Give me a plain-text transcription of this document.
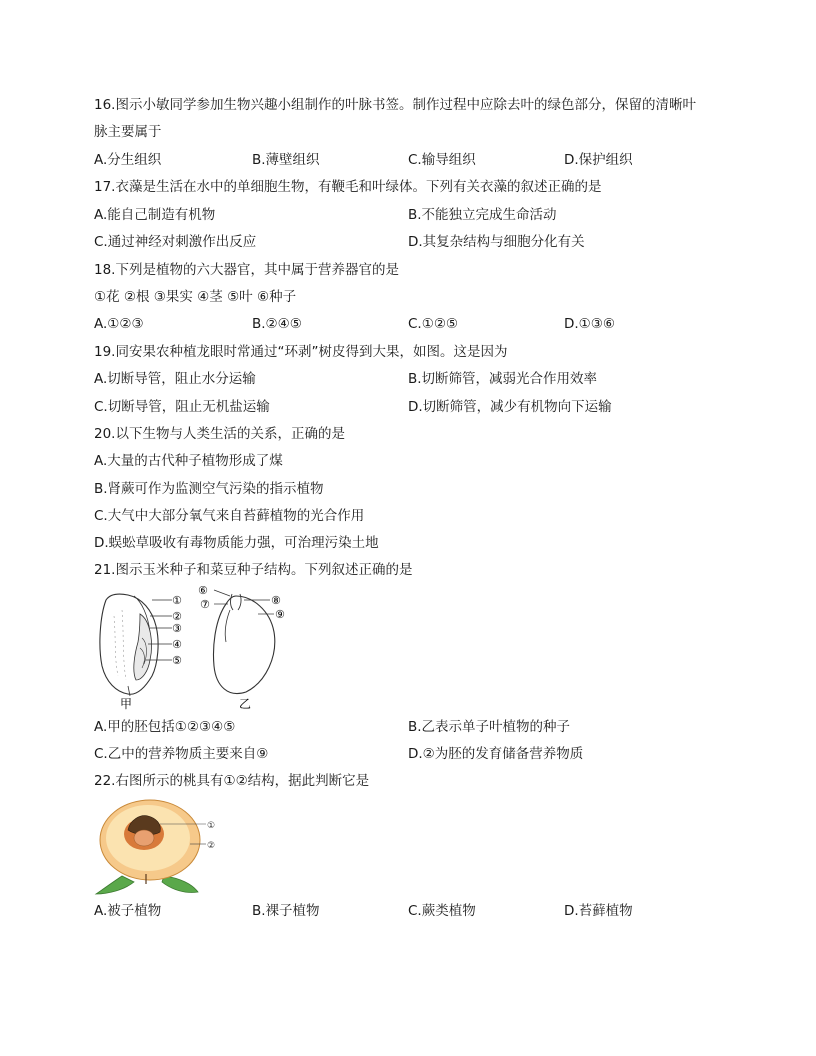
16.图示小敏同学参加生物兴趣小组制作的叶脉书签。制作过程中应除去叶的绿色部分，保留的清晰叶
脉主要属于
A.分生组织	B.薄壁组织	C.输导组织	D.保护组织
17.衣藻是生活在水中的单细胞生物，有鞭毛和叶绿体。下列有关衣藻的叙述正确的是
A.能自己制造有机物	B.不能独立完成生命活动
C.通过神经对刺激作出反应	D.其复杂结构与细胞分化有关
18.下列是植物的六大器官，其中属于营养器官的是
①花 ②根 ③果实 ④茎 ⑤叶 ⑥种子
A.①②③	B.②④⑤	C.①②⑤	D.①③⑥
19.同安果农种植龙眼时常通过“环剥”树皮得到大果，如图。这是因为
A.切断导管，阻止水分运输	B.切断筛管，减弱光合作用效率
C.切断导管，阻止无机盐运输	D.切断筛管，减少有机物向下运输
20.以下生物与人类生活的关系，正确的是
A.大量的古代种子植物形成了煤
B.肾蕨可作为监测空气污染的指示植物
C.大气中大部分氧气来自苔藓植物的光合作用
D.蜈蚣草吸收有毒物质能力强，可治理污染土地
21.图示玉米种子和菜豆种子结构。下列叙述正确的是
①
②
③
④
⑤
甲
⑥
⑦	⑧
⑨
乙
A.甲的胚包括①②③④⑤	B.乙表示单子叶植物的种子
C.乙中的营养物质主要来自⑨	D.②为胚的发育储备营养物质
22.右图所示的桃具有①②结构，据此判断它是
①
②
A.被子植物	B.裸子植物	C.蕨类植物	D.苔藓植物
